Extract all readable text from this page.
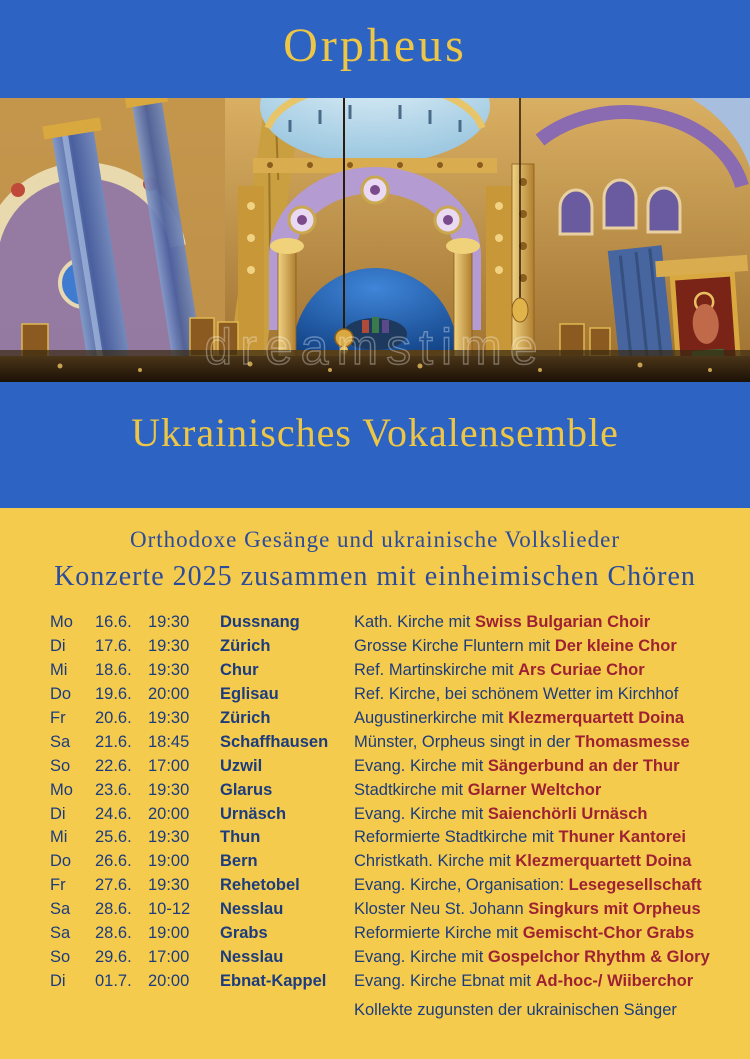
dreamstime
Orpheus
Ukrainisches Vokalensemble
Orthodoxe Gesänge und ukrainische Volkslieder
Konzerte 2025 zusammen mit einheimischen Chören
Mo	16.6. 19:30	Dussnang	Kath. Kirche mit Swiss Bulgarian Choir
Di	17.6. 19:30	Zürich	Grosse Kirche Fluntern mit Der kleine Chor
Mi	18.6. 19:30	Chur	Ref. Martinskirche mit Ars Curiae Chor
Do	19.6. 20:00	Eglisau	Ref. Kirche, bei schönem Wetter im Kirchhof
Fr	20.6. 19:30	Zürich	Augustinerkirche mit Klezmerquartett Doina
Sa	21.6. 18:45	Schaffhausen	Münster, Orpheus singt in der Thomasmesse
So	22.6. 17:00	Uzwil	Evang. Kirche mit Sängerbund an der Thur
Mo	23.6. 19:30	Glarus	Stadtkirche mit Glarner Weltchor
Di	24.6. 20:00	Urnäsch	Evang. Kirche mit Saienchörli Urnäsch
Mi	25.6. 19:30	Thun	Reformierte Stadtkirche mit Thuner Kantorei
Do	26.6. 19:00	Bern	Christkath. Kirche mit Klezmerquartett Doina
Fr	27.6. 19:30	Rehetobel	Evang. Kirche, Organisation: Lesegesellschaft
Sa	28.6. 10-12	Nesslau	Kloster Neu St. Johann Singkurs mit Orpheus
Sa	28.6. 19:00	Grabs	Reformierte Kirche mit Gemischt-Chor Grabs
So	29.6. 17:00	Nesslau	Evang. Kirche mit Gospelchor Rhythm & Glory
Di	01.7. 20:00	Ebnat-Kappel	Evang. Kirche Ebnat mit Ad-hoc-/ Wiiberchor
Kollekte zugunsten der ukrainischen Sänger
